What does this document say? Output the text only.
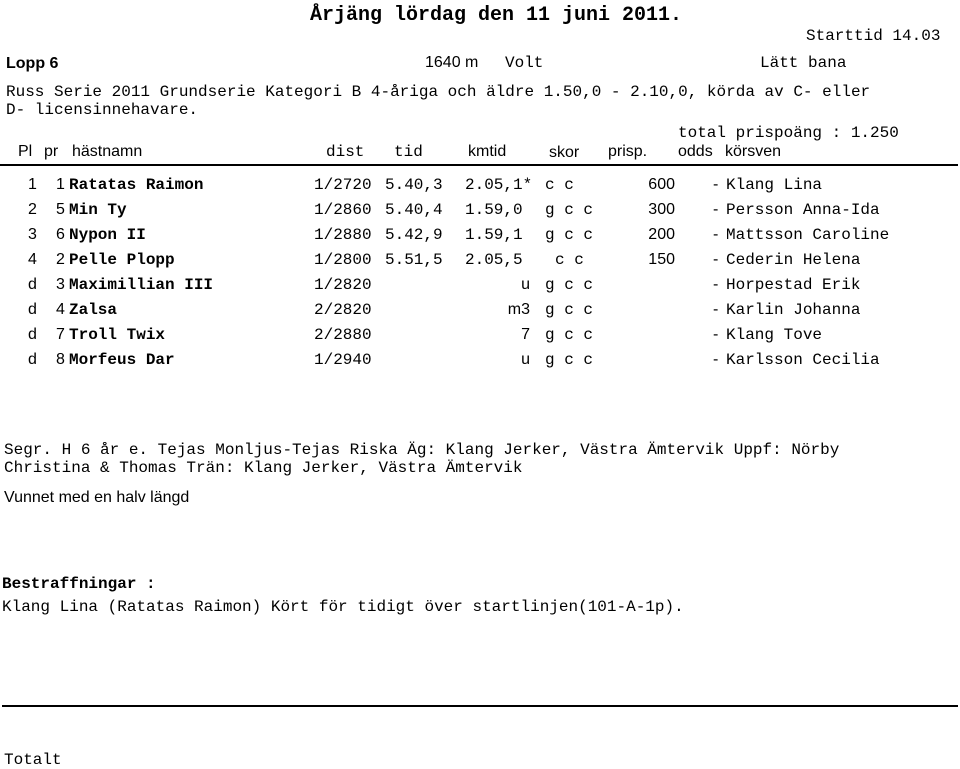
Årjäng lördag den 11 juni 2011.
Starttid 14.03
Lopp 6	1640 m Volt	Lätt bana
Russ Serie 2011 Grundserie Kategori B 4-åriga och äldre 1.50,0 - 2.10,0, körda av C- eller
D- licensinnehavare.
total prispoäng : 1.250
Pl pr hästnamn	dist tid	kmtid	skor prisp. odds körsven
1 1 Ratatas Raimon	1/2720 5.40,3 2.05,1* c c	600 - Klang Lina
2 5 Min Ty	1/2860 5.40,4 1.59,0 g c c	300 - Persson Anna-Ida
3 6 Nypon II	1/2880 5.42,9 1.59,1 g c c	200 - Mattsson Caroline
4 2 Pelle Plopp	1/2800 5.51,5 2.05,5 c c	150 - Cederin Helena
d 3 Maximillian III	1/2820	u g c c	- Horpestad Erik
d 4 Zalsa	2/2820	m3 g c c	- Karlin Johanna
d 7 Troll Twix	2/2880	7 g c c	- Klang Tove
d 8 Morfeus Dar	1/2940	u g c c	- Karlsson Cecilia
Segr. H 6 år e. Tejas Monljus-Tejas Riska Äg: Klang Jerker, Västra Ämtervik Uppf: Nörby
Christina & Thomas Trän: Klang Jerker, Västra Ämtervik
Vunnet med en halv längd
Bestraffningar :
Klang Lina (Ratatas Raimon) Kört för tidigt över startlinjen(101-A-1p).
Totalt
